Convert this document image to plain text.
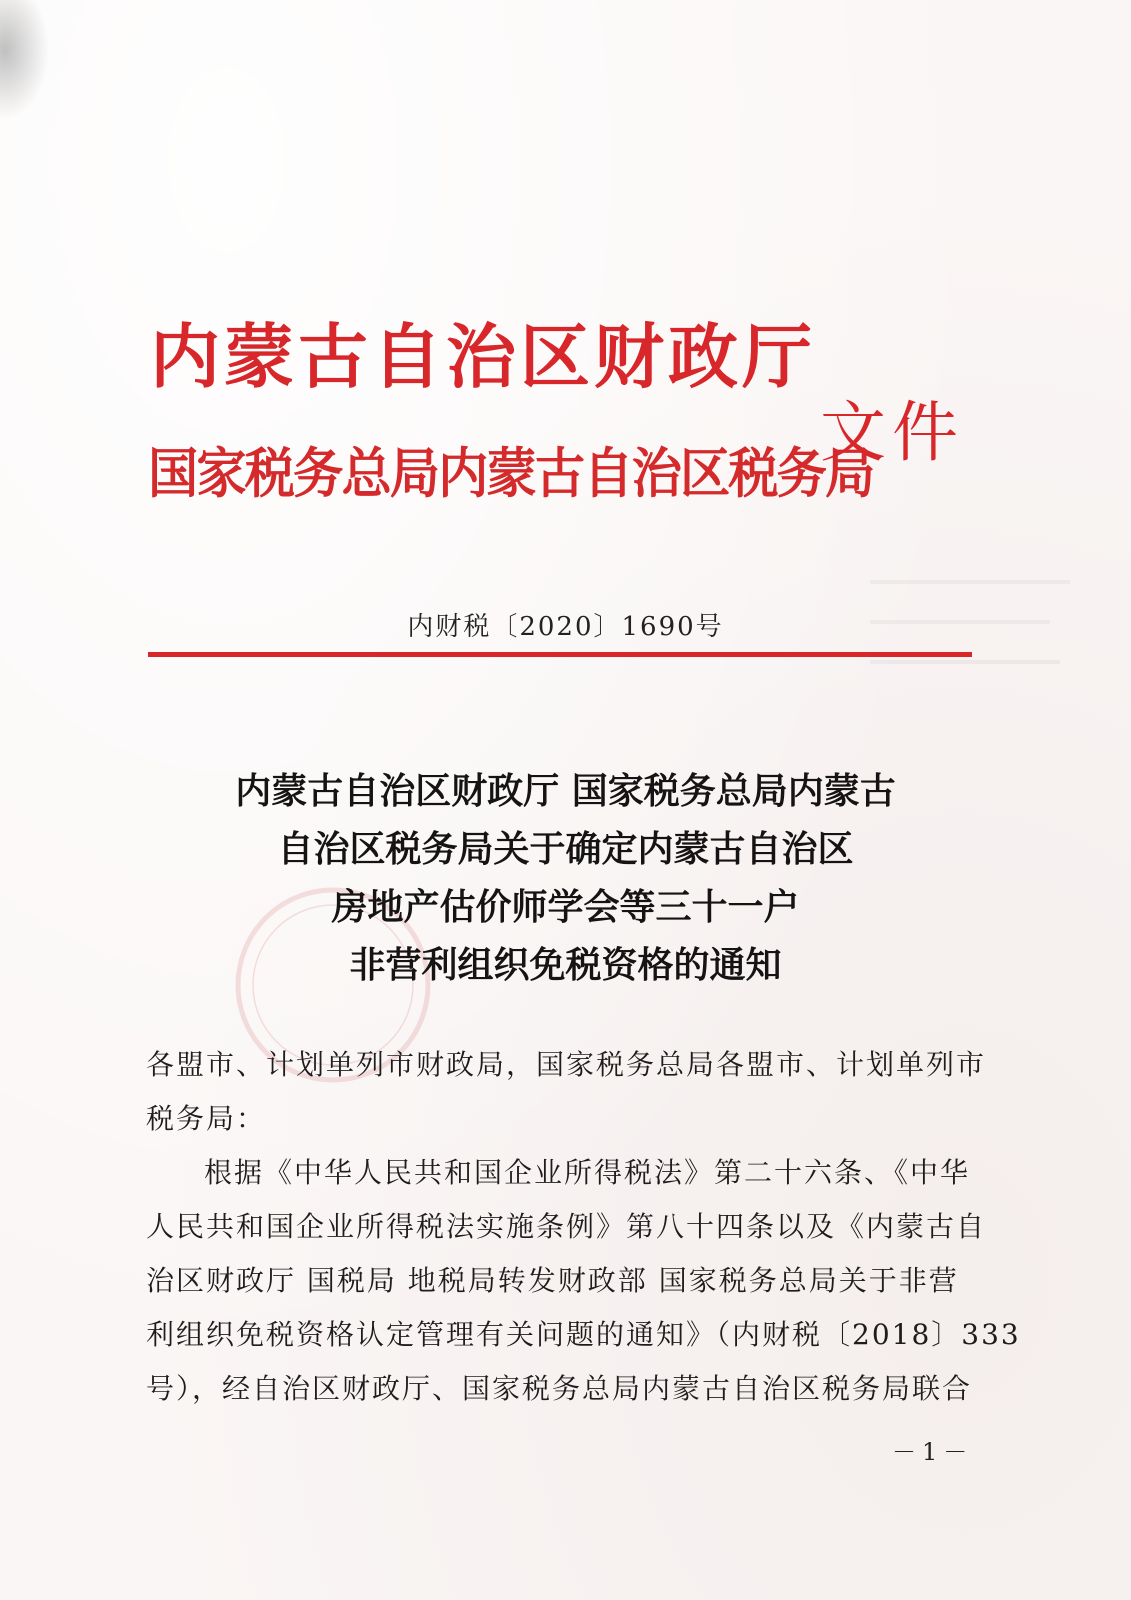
内蒙古自治区财政厅
国家税务总局内蒙古自治区税务局
文件
内财税〔2020〕1690号
内蒙古自治区财政厅 国家税务总局内蒙古
自治区税务局关于确定内蒙古自治区
房地产估价师学会等三十一户
非营利组织免税资格的通知
各盟市、计划单列市财政局，国家税务总局各盟市、计划单列市
税务局：
根据《中华人民共和国企业所得税法》第二十六条、《中华
人民共和国企业所得税法实施条例》第八十四条以及《内蒙古自
治区财政厅 国税局 地税局转发财政部 国家税务总局关于非营
利组织免税资格认定管理有关问题的通知》（内财税〔2018〕333
号），经自治区财政厅、国家税务总局内蒙古自治区税务局联合
－1－
